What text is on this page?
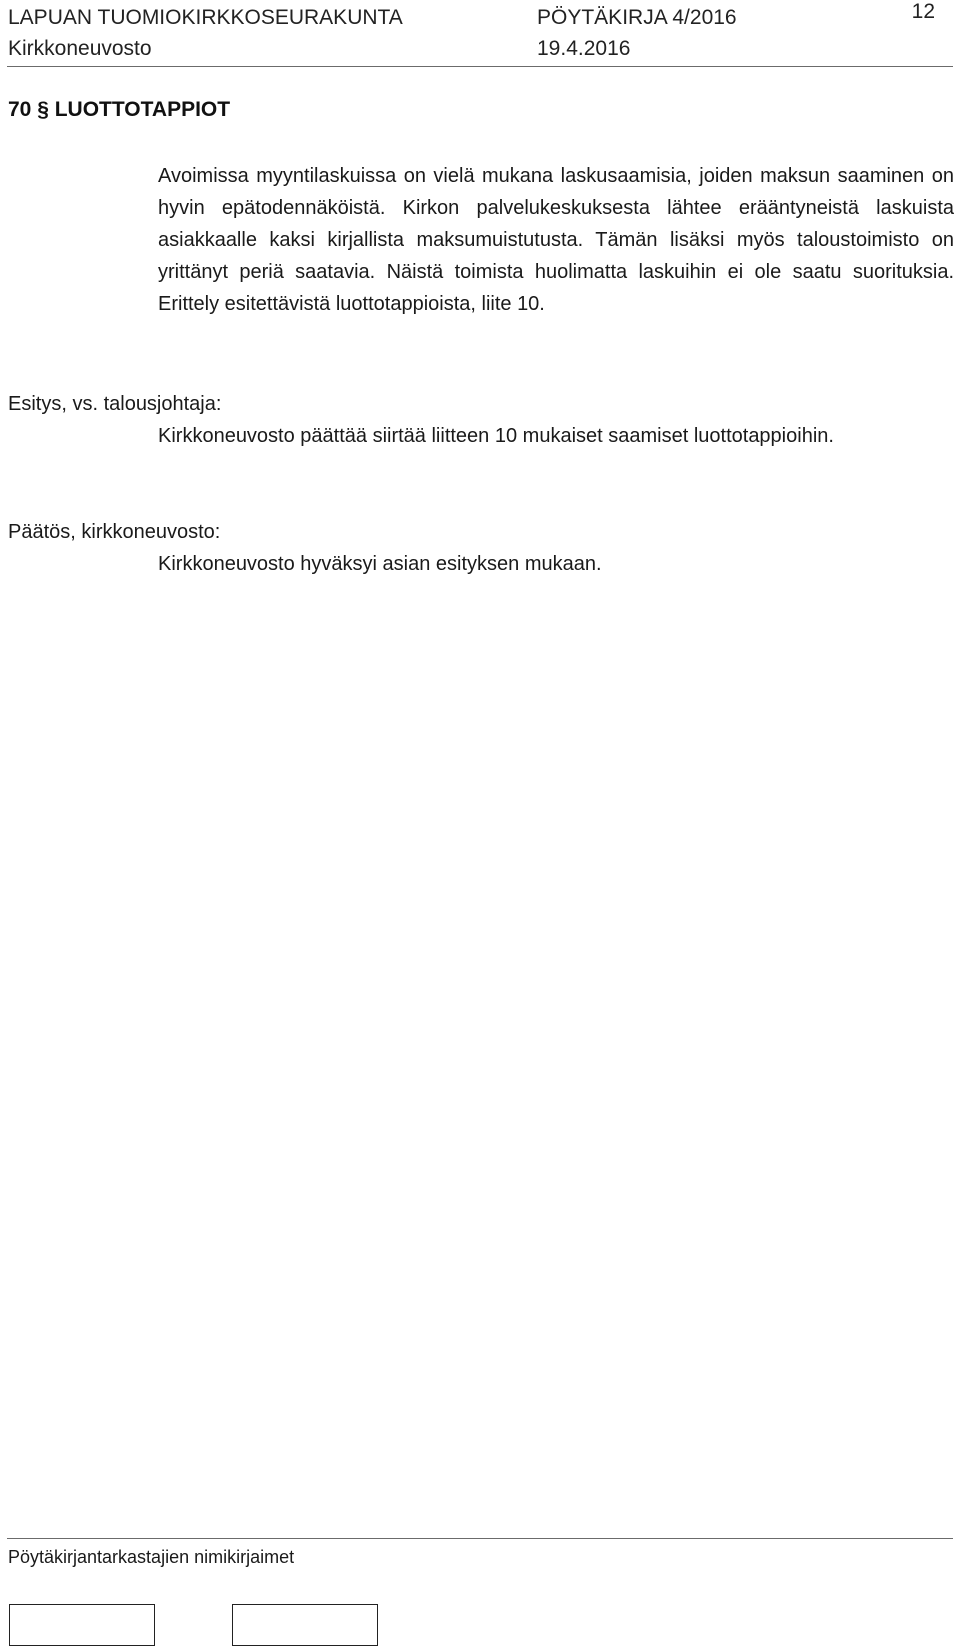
LAPUAN TUOMIOKIRKKOSEURAKUNTA
Kirkkoneuvosto
PÖYTÄKIRJA 4/2016
19.4.2016
12
70 § LUOTTOTAPPIOT

Avoimissa myyntilaskuissa on vielä mukana laskusaamisia, joiden maksun saaminen on hyvin epätodennäköistä. Kirkon palvelukeskuksesta lähtee erääntyneistä laskuista asiakkaalle kaksi kirjallista maksumuistutusta. Tämän lisäksi myös taloustoimisto on yrittänyt periä saatavia. Näistä toimista huolimatta laskuihin ei ole saatu suorituksia. Erittely esitettävistä luottotappioista, liite 10.

Esitys, vs. talousjohtaja:

Kirkkoneuvosto päättää siirtää liitteen 10 mukaiset saamiset luottotappioihin.

Päätös, kirkkoneuvosto:

Kirkkoneuvosto hyväksyi asian esityksen mukaan.

Pöytäkirjantarkastajien nimikirjaimet
